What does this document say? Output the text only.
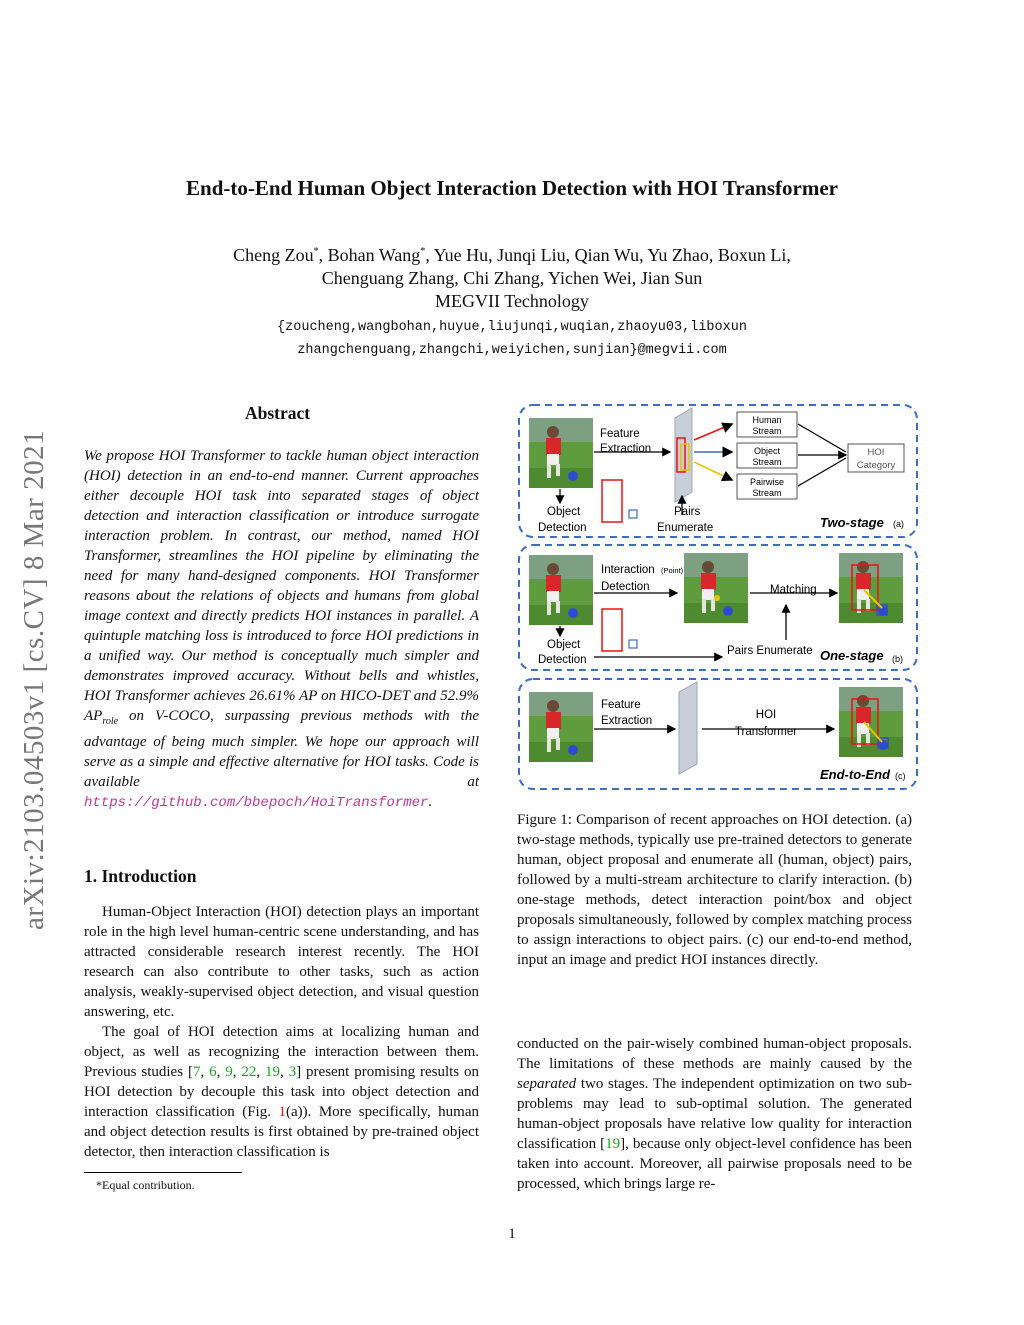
End-to-End Human Object Interaction Detection with HOI Transformer
Cheng Zou*, Bohan Wang*, Yue Hu, Junqi Liu, Qian Wu, Yu Zhao, Boxun Li,
Chenguang Zhang, Chi Zhang, Yichen Wei, Jian Sun
MEGVII Technology
{zoucheng,wangbohan,huyue,liujunqi,wuqian,zhaoyu03,liboxun
zhangchenguang,zhangchi,weiyichen,sunjian}@megvii.com
arXiv:2103.04503v1 [cs.CV] 8 Mar 2021
Abstract
We propose HOI Transformer to tackle human object interaction (HOI) detection in an end-to-end manner. Current approaches either decouple HOI task into separated stages of object detection and interaction classification or introduce surrogate interaction problem. In contrast, our method, named HOI Transformer, streamlines the HOI pipeline by eliminating the need for many hand-designed components. HOI Transformer reasons about the relations of objects and humans from global image context and directly predicts HOI instances in parallel. A quintuple matching loss is introduced to force HOI predictions in a unified way. Our method is conceptually much simpler and demonstrates improved accuracy. Without bells and whistles, HOI Transformer achieves 26.61% AP on HICO-DET and 52.9% $AP_{role}$ on V-COCO, surpassing previous methods with the advantage of being much simpler. We hope our approach will serve as a simple and effective alternative for HOI tasks. Code is available at https://github.com/bbepoch/HoiTransformer.
1. Introduction

Human-Object Interaction (HOI) detection plays an important role in the high level human-centric scene understanding, and has attracted considerable research interest recently. The HOI research can also contribute to other tasks, such as action analysis, weakly-supervised object detection, and visual question answering, etc.

The goal of HOI detection aims at localizing human and object, as well as recognizing the interaction between them. Previous studies [7, 6, 9, 22, 19, 3] present promising results on HOI detection by decouple this task into object detection and interaction classification (Fig. 1(a)). More specifically, human and object detection results is first obtained by pre-trained object detector, then interaction classification is

*Equal contribution.
Object
Detection
Feature
Extraction
Pairs
Enumerate
Human
Stream
Object
Stream
Pairwise
Stream
HOI
Category
Two-stage (a)
Object
Detection
Interaction (Point)
Detection	Matching
Pairs Enumerate One-stage (b)
Feature
Extraction	HOI
Transformer
End-to-End (c)
Figure 1: Comparison of recent approaches on HOI detection. (a) two-stage methods, typically use pre-trained detectors to generate human, object proposal and enumerate all (human, object) pairs, followed by a multi-stream architecture to clarify interaction. (b) one-stage methods, detect interaction point/box and object proposals simultaneously, followed by complex matching process to assign interactions to object pairs. (c) our end-to-end method, input an image and predict HOI instances directly.
conducted on the pair-wisely combined human-object proposals. The limitations of these methods are mainly caused by the separated two stages. The independent optimization on two sub-problems may lead to sub-optimal solution. The generated human-object proposals have relative low quality for interaction classification [19], because only object-level confidence has been taken into account. Moreover, all pairwise proposals need to be processed, which brings large re-
1
